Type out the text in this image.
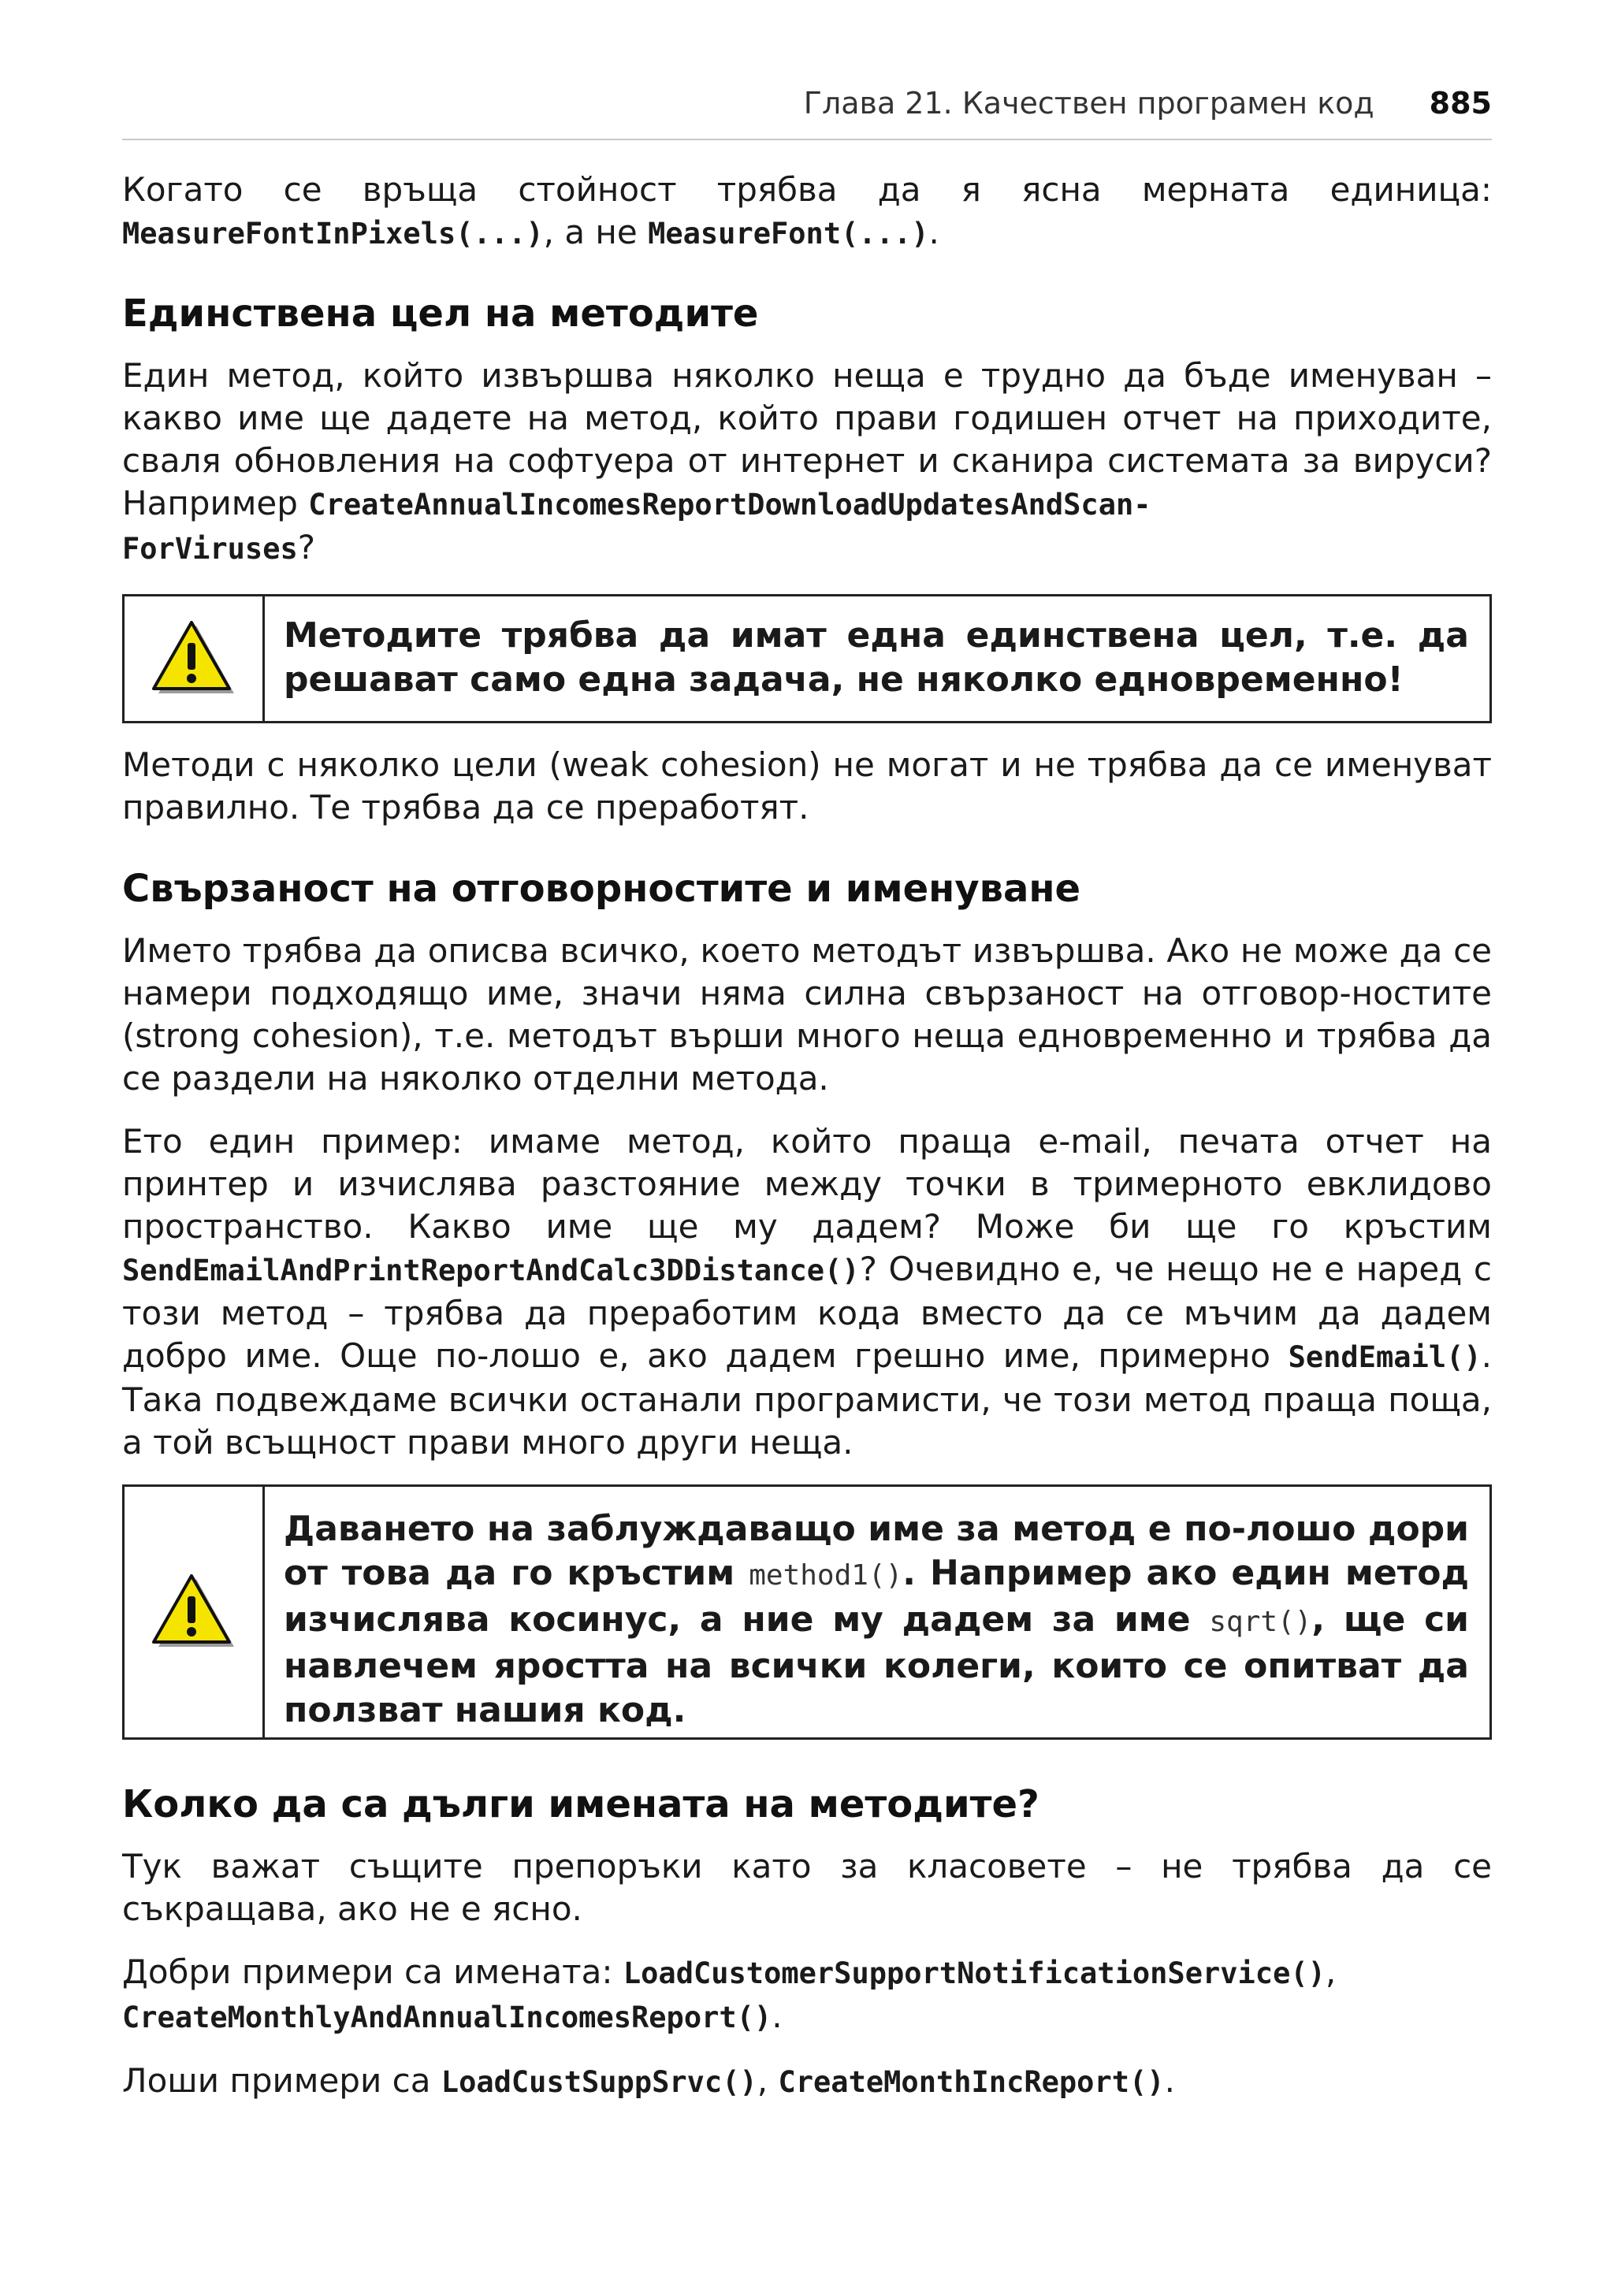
Глава 21. Качествен програмен код 885

Когато се връща стойност трябва да я ясна мерната единица: MeasureFontInPixels(...), а не MeasureFont(...).

Единствена цел на методите

Един метод, който извършва няколко неща е трудно да бъде именуван – какво име ще дадете на метод, който прави годишен отчет на приходите, сваля обновления на софтуера от интернет и сканира системата за вируси? Например CreateAnnualIncomesReportDownloadUpdatesAndScan-
ForViruses?

Методите трябва да имат една единствена цел, т.е. да решават само една задача, не няколко едновременно!

Методи с няколко цели (weak cohesion) не могат и не трябва да се именуват правилно. Те трябва да се преработят.

Свързаност на отговорностите и именуване

Името трябва да описва всичко, което методът извършва. Ако не може да се намери подходящо име, значи няма силна свързаност на отговор-ностите (strong cohesion), т.е. методът върши много неща едновременно и трябва да се раздели на няколко отделни метода.

Ето един пример: имаме метод, който праща e-mail, печата отчет на принтер и изчислява разстояние между точки в тримерното евклидово пространство. Какво име ще му дадем? Може би ще го кръстим SendEmailAndPrintReportAndCalc3DDistance()? Очевидно е, че нещо не е наред с този метод – трябва да преработим кода вместо да се мъчим да дадем добро име. Още по-лошо е, ако дадем грешно име, примерно SendEmail(). Така подвеждаме всички останали програмисти, че този метод праща поща, а той всъщност прави много други неща.

Даването на заблуждаващо име за метод е по-лошо дори от това да го кръстим method1(). Например ако един метод изчислява косинус, а ние му дадем за име sqrt(), ще си навлечем яростта на всички колеги, които се опитват да ползват нашия код.
Колко да са дълги имената на методите?

Тук важат същите препоръки като за класовете – не трябва да се съкращава, ако не е ясно.

Добри примери са имената: LoadCustomerSupportNotificationService(),
CreateMonthlyAndAnnualIncomesReport().

Лоши примери са LoadCustSuppSrvc(), CreateMonthIncReport().
